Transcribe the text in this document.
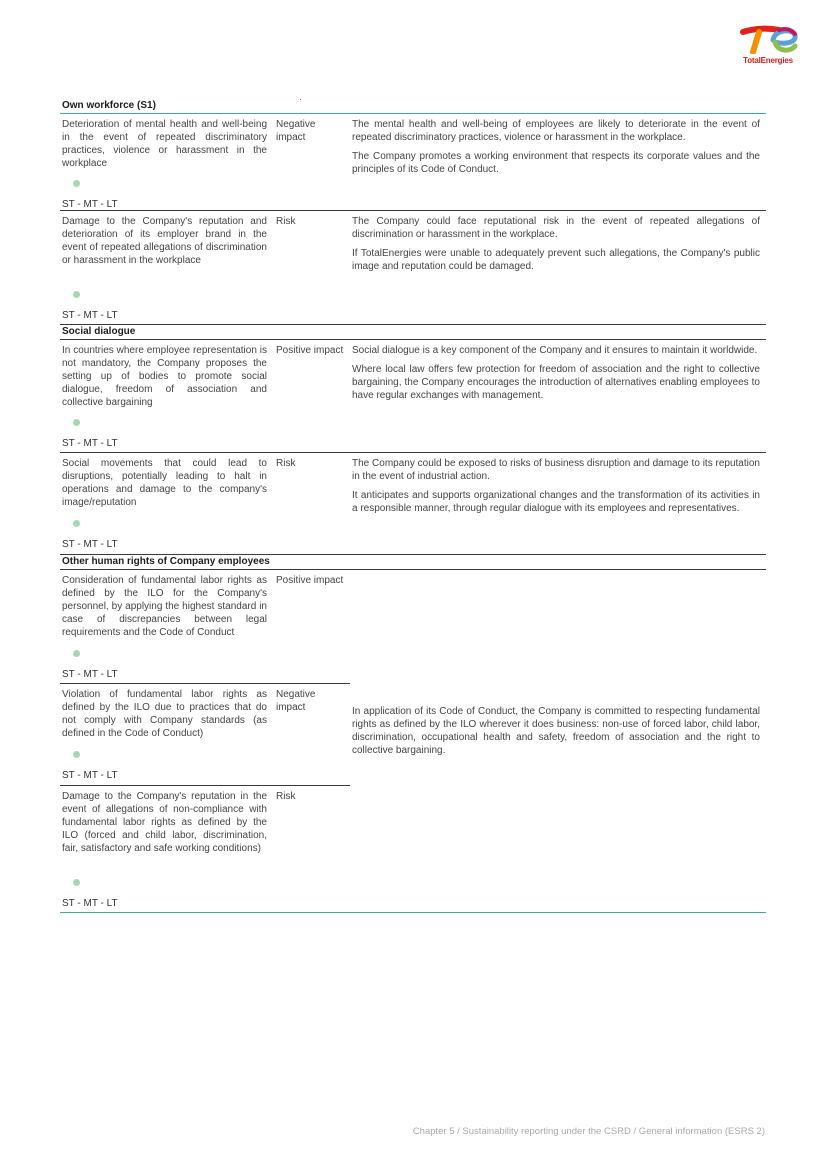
TotalEnergies
Own workforce (S1)
Deterioration of mental health and well-being in the event of repeated discriminatory practices, violence or harassment in the workplace
Negative impact

The mental health and well-being of employees are likely to deteriorate in the event of repeated discriminatory practices, violence or harassment in the workplace.

The Company promotes a working environment that respects its corporate values and the principles of its Code of Conduct.

ST - MT - LT
Damage to the Company's reputation and deterioration of its employer brand in the event of repeated allegations of discrimination or harassment in the workplace
Risk	The Company could face reputational risk in the event of repeated allegations of discrimination or harassment in the workplace.

If TotalEnergies were unable to adequately prevent such allegations, the Company's public image and reputation could be damaged.

ST - MT - LT
Social dialogue
In countries where employee representation is not mandatory, the Company proposes the setting up of bodies to promote social dialogue, freedom of association and collective bargaining
Positive impact Social dialogue is a key component of the Company and it ensures to maintain it worldwide.

Where local law offers few protection for freedom of association and the right to collective bargaining, the Company encourages the introduction of alternatives enabling employees to have regular exchanges with management.

ST - MT - LT
Social movements that could lead to disruptions, potentially leading to halt in operations and damage to the company's image/reputation
Risk	The Company could be exposed to risks of business disruption and damage to its reputation in the event of industrial action.

It anticipates and supports organizational changes and the transformation of its activities in a responsible manner, through regular dialogue with its employees and representatives.

ST - MT - LT
Other human rights of Company employees
Consideration of fundamental labor rights as defined by the ILO for the Company's personnel, by applying the highest standard in case of discrepancies between legal requirements and the Code of Conduct
Positive impact
ST - MT - LT
Violation of fundamental labor rights as defined by the ILO due to practices that do not comply with Company standards (as defined in the Code of Conduct)
Negative impact
ST - MT - LT
Damage to the Company's reputation in the event of allegations of non-compliance with fundamental labor rights as defined by the ILO (forced and child labor, discrimination, fair, satisfactory and safe working conditions)
Risk
ST - MT - LT
In application of its Code of Conduct, the Company is committed to respecting fundamental rights as defined by the ILO wherever it does business: non-use of forced labor, child labor, discrimination, occupational health and safety, freedom of association and the right to collective bargaining.
Chapter 5 / Sustainability reporting under the CSRD / General information (ESRS 2)
